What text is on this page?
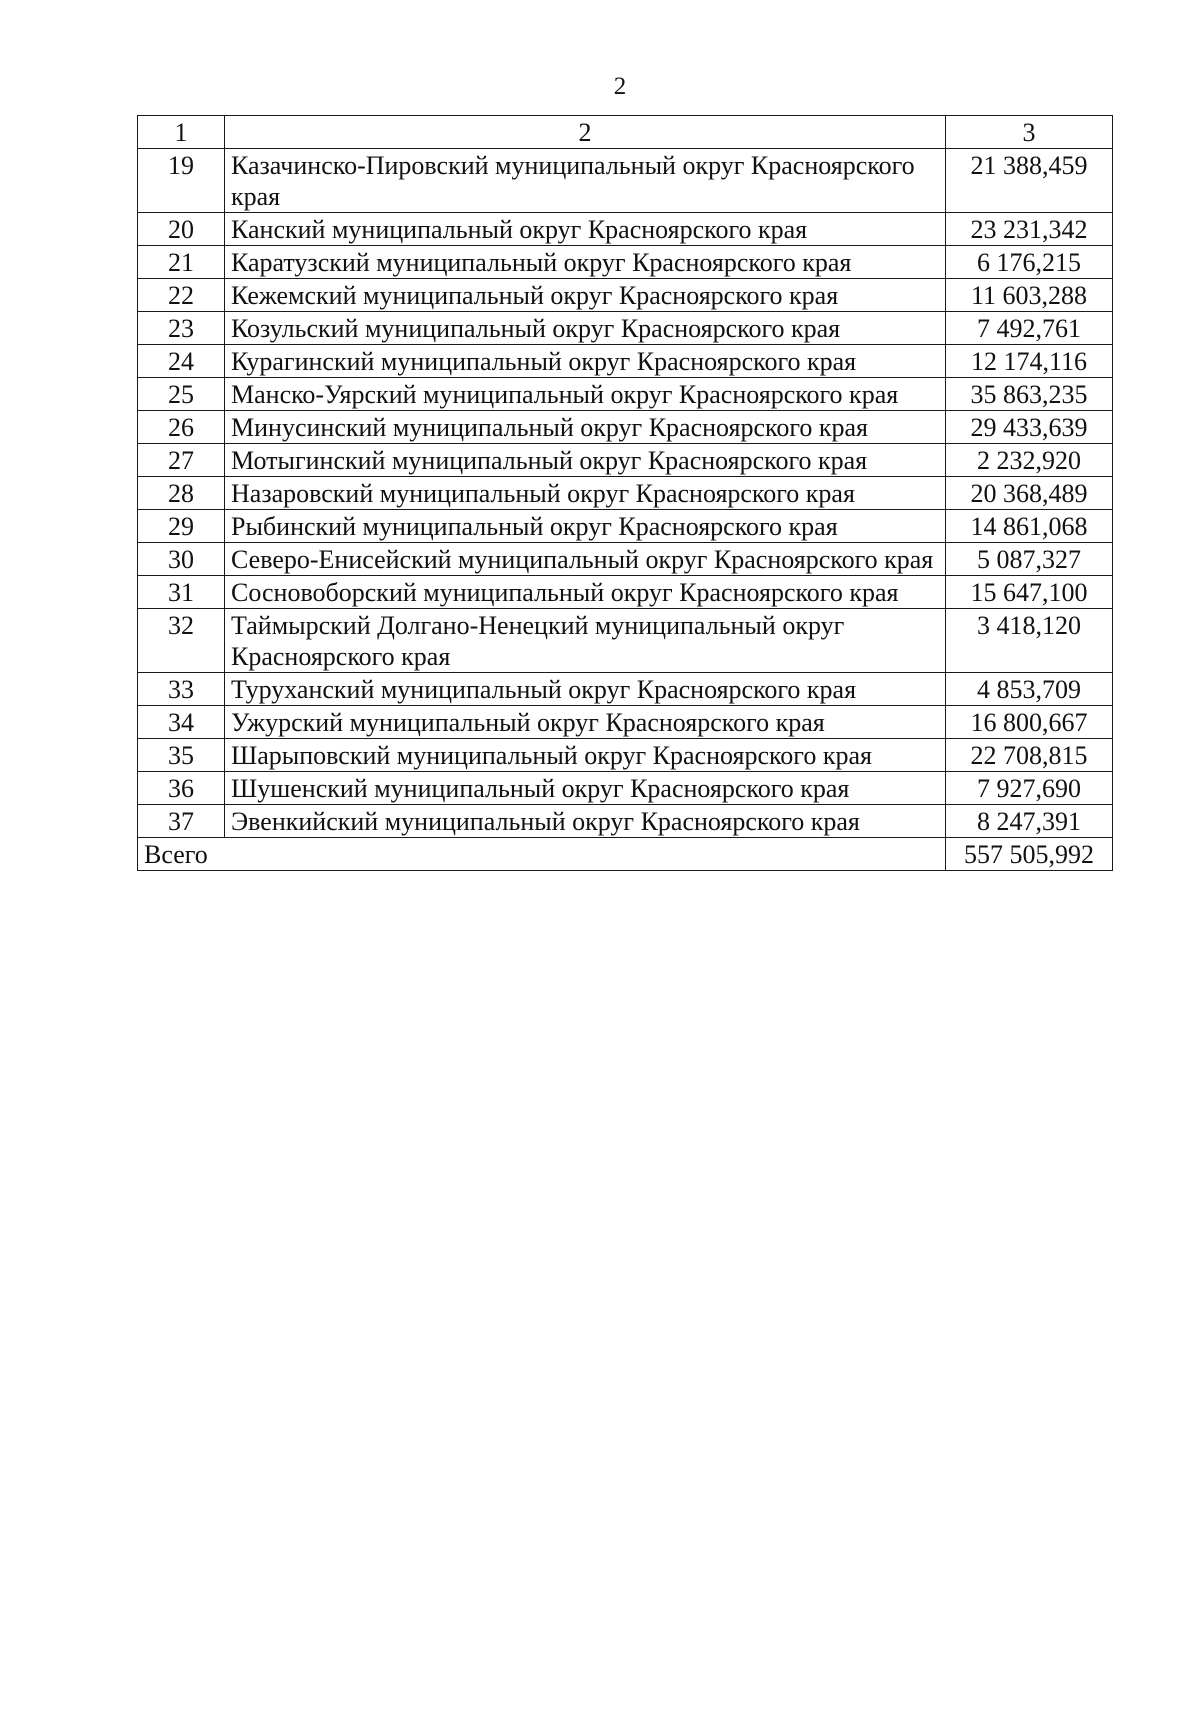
2
1	2	3
19	Казачинско-Пировский муниципальный округ Красноярского края	21 388,459
20	Канский муниципальный округ Красноярского края	23 231,342
21	Каратузский муниципальный округ Красноярского края	6 176,215
22	Кежемский муниципальный округ Красноярского края	11 603,288
23	Козульский муниципальный округ Красноярского края	7 492,761
24	Курагинский муниципальный округ Красноярского края	12 174,116
25	Манско-Уярский муниципальный округ Красноярского края	35 863,235
26	Минусинский муниципальный округ Красноярского края	29 433,639
27	Мотыгинский муниципальный округ Красноярского края	2 232,920
28	Назаровский муниципальный округ Красноярского края	20 368,489
29	Рыбинский муниципальный округ Красноярского края	14 861,068
30	Северо-Енисейский муниципальный округ Красноярского края	5 087,327
31	Сосновоборский муниципальный округ Красноярского края	15 647,100
32	Таймырский Долгано-Ненецкий муниципальный округ Красноярского края	3 418,120
33	Туруханский муниципальный округ Красноярского края	4 853,709
34	Ужурский муниципальный округ Красноярского края	16 800,667
35	Шарыповский муниципальный округ Красноярского края	22 708,815
36	Шушенский муниципальный округ Красноярского края	7 927,690
37	Эвенкийский муниципальный округ Красноярского края	8 247,391
Всего		557 505,992
